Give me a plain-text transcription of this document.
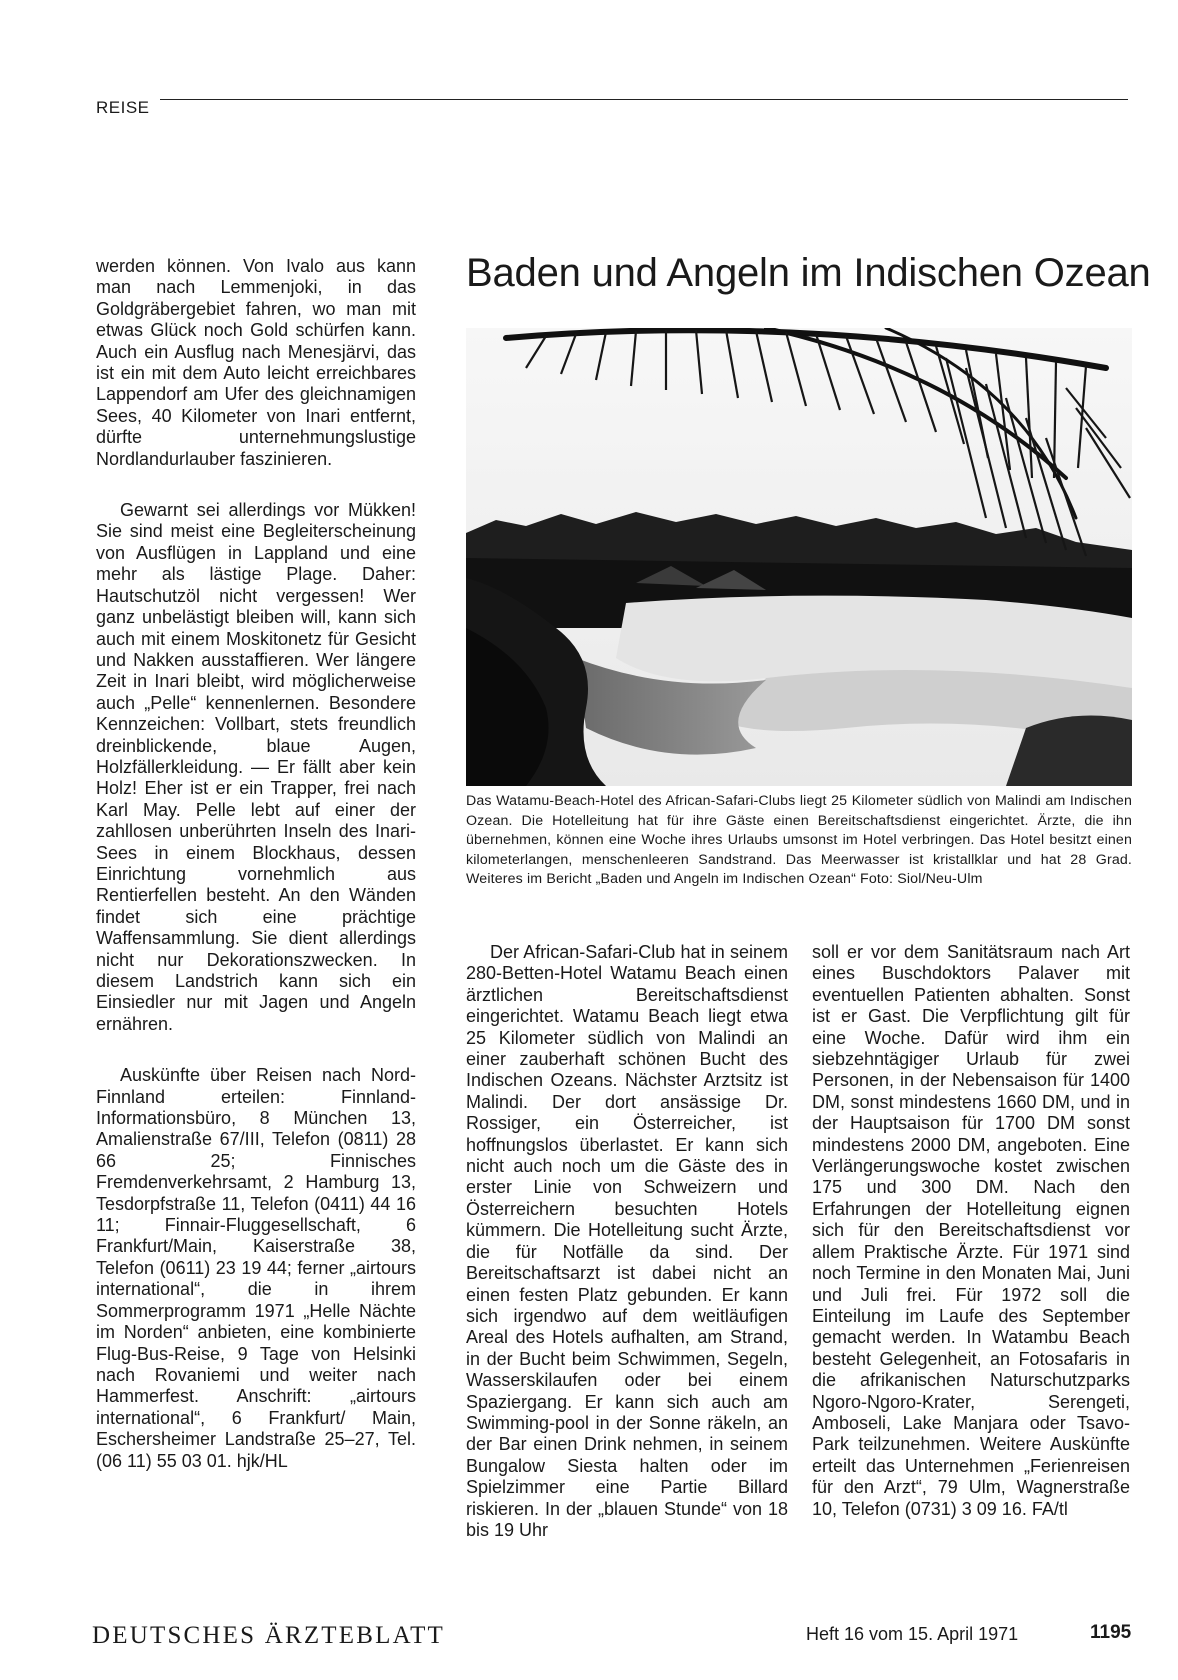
REISE

werden können. Von Ivalo aus kann man nach Lemmenjoki, in das Goldgräbergebiet fahren, wo man mit etwas Glück noch Gold schürfen kann. Auch ein Ausflug nach Menesjärvi, das ist ein mit dem Auto leicht erreichbares Lappendorf am Ufer des gleichnamigen Sees, 40 Kilometer von Inari entfernt, dürfte unternehmungslustige Nordlandurlauber faszinieren.

Gewarnt sei allerdings vor Mükken! Sie sind meist eine Begleiterscheinung von Ausflügen in Lappland und eine mehr als lästige Plage. Daher: Hautschutzöl nicht vergessen! Wer ganz unbelästigt bleiben will, kann sich auch mit einem Moskitonetz für Gesicht und Nakken ausstaffieren. Wer längere Zeit in Inari bleibt, wird möglicherweise auch „Pelle“ kennenlernen. Besondere Kennzeichen: Vollbart, stets freundlich dreinblickende, blaue Augen, Holzfällerkleidung. — Er fällt aber kein Holz! Eher ist er ein Trapper, frei nach Karl May. Pelle lebt auf einer der zahllosen unberührten Inseln des Inari-Sees in einem Blockhaus, dessen Einrichtung vornehmlich aus Rentierfellen besteht. An den Wänden findet sich eine prächtige Waffensammlung. Sie dient allerdings nicht nur Dekorationszwecken. In diesem Landstrich kann sich ein Einsiedler nur mit Jagen und Angeln ernähren.

Auskünfte über Reisen nach Nord-Finnland erteilen: Finnland-Informationsbüro, 8 München 13, Amalienstraße 67/III, Telefon (0811) 28 66 25; Finnisches Fremdenverkehrsamt, 2 Hamburg 13, Tesdorpfstraße 11, Telefon (0411) 44 16 11; Finnair-Fluggesellschaft, 6 Frankfurt/Main, Kaiserstraße 38, Telefon (0611) 23 19 44; ferner „airtours international“, die in ihrem Sommerprogramm 1971 „Helle Nächte im Norden“ anbieten, eine kombinierte Flug-Bus-Reise, 9 Tage von Helsinki nach Rovaniemi und weiter nach Hammerfest. Anschrift: „airtours international“, 6 Frankfurt/ Main, Eschersheimer Landstraße 25–27, Tel. (06 11) 55 03 01. hjk/HL

Baden und Angeln im Indischen Ozean
Das Watamu-Beach-Hotel des African-Safari-Clubs liegt 25 Kilometer südlich von Malindi am Indischen Ozean. Die Hotelleitung hat für ihre Gäste einen Bereitschaftsdienst eingerichtet. Ärzte, die ihn übernehmen, können eine Woche ihres Urlaubs umsonst im Hotel verbringen. Das Hotel besitzt einen kilometerlangen, menschenleeren Sandstrand. Das Meerwasser ist kristallklar und hat 28 Grad. Weiteres im Bericht „Baden und Angeln im Indischen Ozean“ Foto: Siol/Neu-Ulm

Der African-Safari-Club hat in seinem 280-Betten-Hotel Watamu Beach einen ärztlichen Bereitschaftsdienst eingerichtet. Watamu Beach liegt etwa 25 Kilometer südlich von Malindi an einer zauberhaft schönen Bucht des Indischen Ozeans. Nächster Arztsitz ist Malindi. Der dort ansässige Dr. Rossiger, ein Österreicher, ist hoffnungslos überlastet. Er kann sich nicht auch noch um die Gäste des in erster Linie von Schweizern und Österreichern besuchten Hotels kümmern. Die Hotelleitung sucht Ärzte, die für Notfälle da sind. Der Bereitschaftsarzt ist dabei nicht an einen festen Platz gebunden. Er kann sich irgendwo auf dem weitläufigen Areal des Hotels aufhalten, am Strand, in der Bucht beim Schwimmen, Segeln, Wasserskilaufen oder bei einem Spaziergang. Er kann sich auch am Swimming-pool in der Sonne räkeln, an der Bar einen Drink nehmen, in seinem Bungalow Siesta halten oder im Spielzimmer eine Partie Billard riskieren. In der „blauen Stunde“ von 18 bis 19 Uhr

soll er vor dem Sanitätsraum nach Art eines Buschdoktors Palaver mit eventuellen Patienten abhalten. Sonst ist er Gast. Die Verpflichtung gilt für eine Woche. Dafür wird ihm ein siebzehntägiger Urlaub für zwei Personen, in der Nebensaison für 1400 DM, sonst mindestens 1660 DM, und in der Hauptsaison für 1700 DM sonst mindestens 2000 DM, angeboten. Eine Verlängerungswoche kostet zwischen 175 und 300 DM. Nach den Erfahrungen der Hotelleitung eignen sich für den Bereitschaftsdienst vor allem Praktische Ärzte. Für 1971 sind noch Termine in den Monaten Mai, Juni und Juli frei. Für 1972 soll die Einteilung im Laufe des September gemacht werden. In Watambu Beach besteht Gelegenheit, an Fotosafaris in die afrikanischen Naturschutzparks Ngoro-Ngoro-Krater, Serengeti, Amboseli, Lake Manjara oder Tsavo-Park teilzunehmen. Weitere Auskünfte erteilt das Unternehmen „Ferienreisen für den Arzt“, 79 Ulm, Wagnerstraße 10, Telefon (0731) 3 09 16. FA/tl

DEUTSCHES ÄRZTEBLATT	Heft 16 vom 15. April 1971	1195
